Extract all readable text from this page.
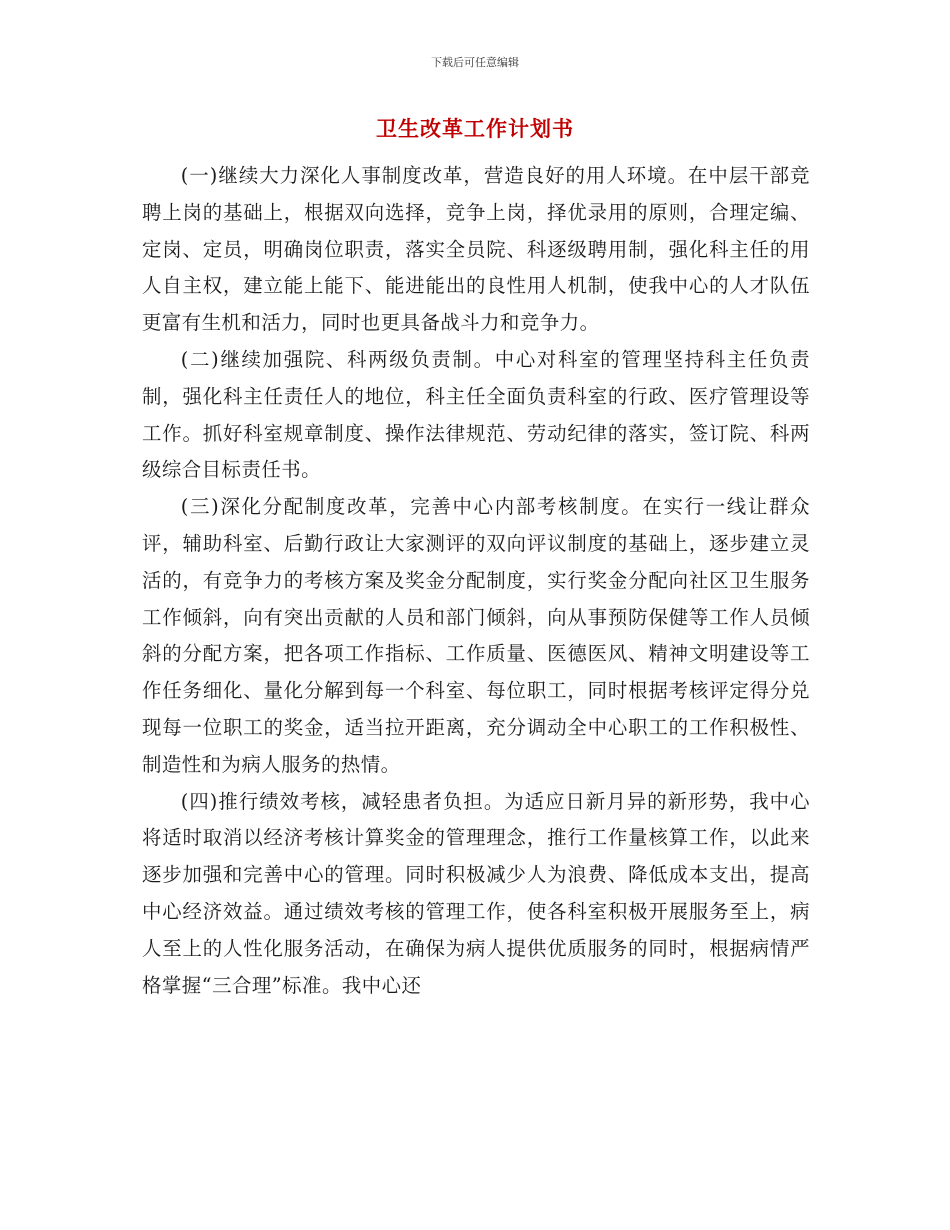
下载后可任意编辑
卫生改革工作计划书

(一)继续大力深化人事制度改革，营造良好的用人环境。在中层干部竞聘上岗的基础上，根据双向选择，竞争上岗，择优录用的原则，合理定编、定岗、定员，明确岗位职责，落实全员院、科逐级聘用制，强化科主任的用人自主权，建立能上能下、能进能出的良性用人机制，使我中心的人才队伍更富有生机和活力，同时也更具备战斗力和竞争力。

(二)继续加强院、科两级负责制。中心对科室的管理坚持科主任负责制，强化科主任责任人的地位，科主任全面负责科室的行政、医疗管理设等工作。抓好科室规章制度、操作法律规范、劳动纪律的落实，签订院、科两级综合目标责任书。

(三)深化分配制度改革，完善中心内部考核制度。在实行一线让群众评，辅助科室、后勤行政让大家测评的双向评议制度的基础上，逐步建立灵活的，有竞争力的考核方案及奖金分配制度，实行奖金分配向社区卫生服务工作倾斜，向有突出贡献的人员和部门倾斜，向从事预防保健等工作人员倾斜的分配方案，把各项工作指标、工作质量、医德医风、精神文明建设等工作任务细化、量化分解到每一个科室、每位职工，同时根据考核评定得分兑现每一位职工的奖金，适当拉开距离，充分调动全中心职工的工作积极性、制造性和为病人服务的热情。

(四)推行绩效考核，减轻患者负担。为适应日新月异的新形势，我中心将适时取消以经济考核计算奖金的管理理念，推行工作量核算工作，以此来逐步加强和完善中心的管理。同时积极减少人为浪费、降低成本支出，提高中心经济效益。通过绩效考核的管理工作，使各科室积极开展服务至上，病人至上的人性化服务活动，在确保为病人提供优质服务的同时，根据病情严格掌握“三合理”标准。我中心还
